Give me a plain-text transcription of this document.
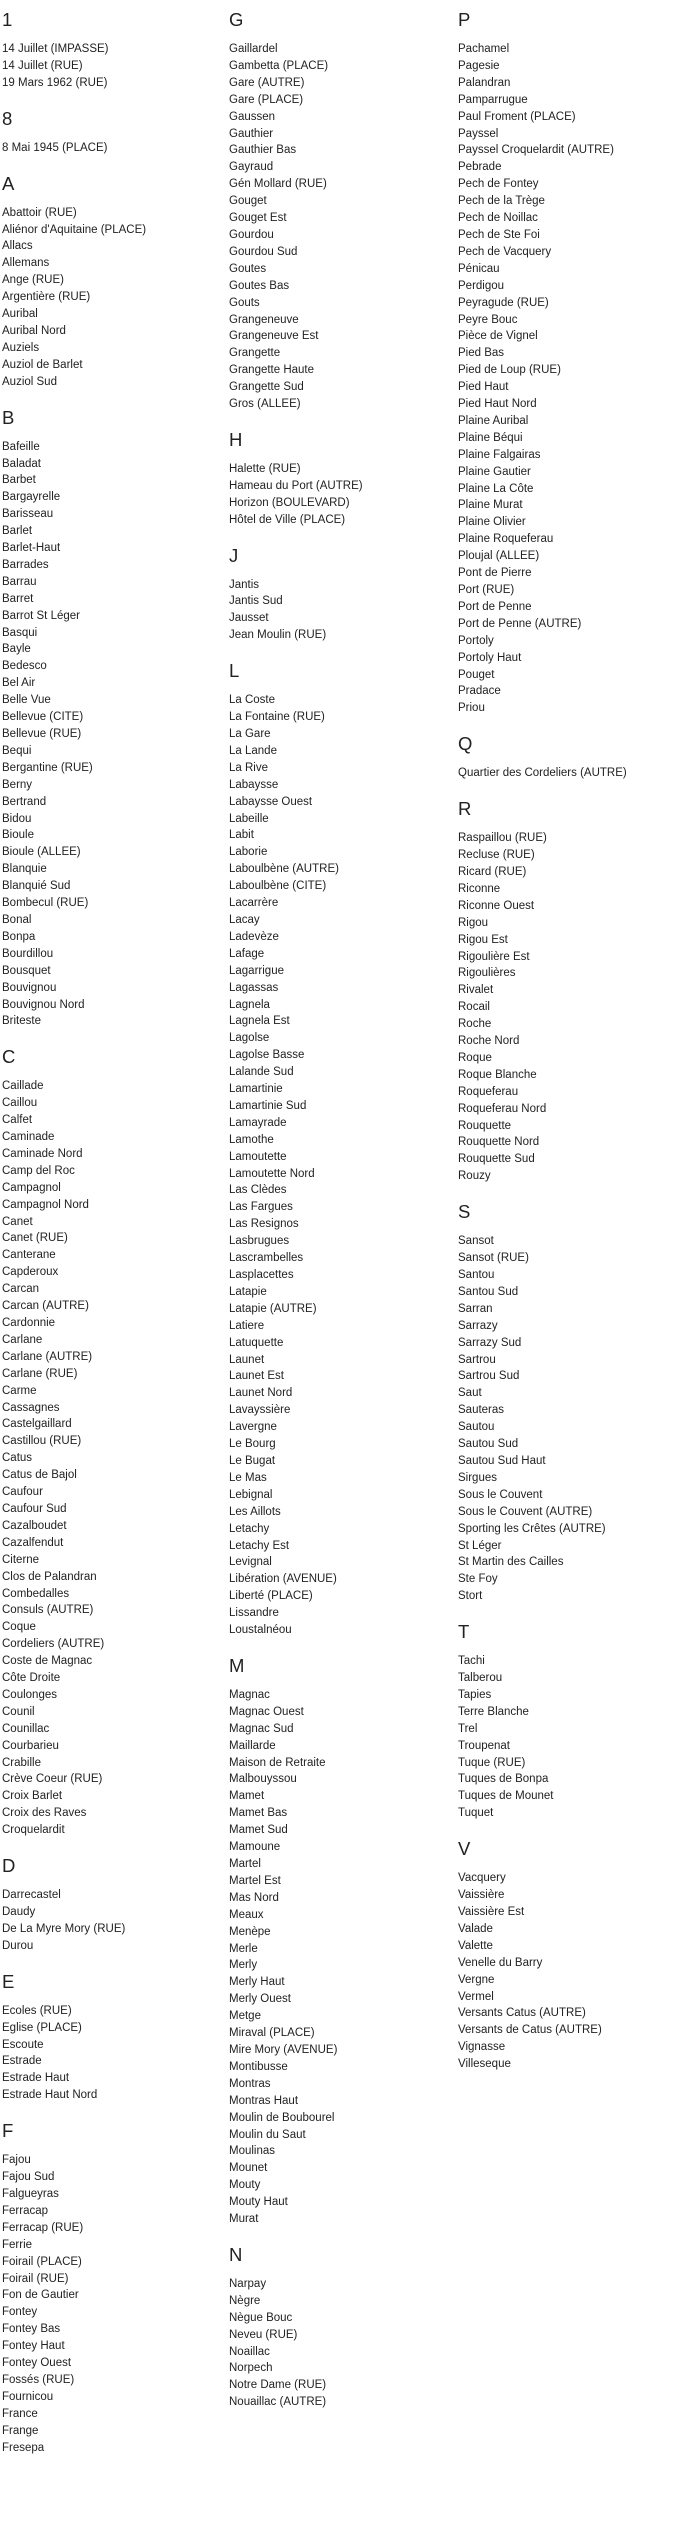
1
14 Juillet (IMPASSE)
14 Juillet (RUE)
19 Mars 1962 (RUE)
8
8 Mai 1945 (PLACE)
A
Abattoir (RUE)
Aliénor d'Aquitaine (PLACE)
Allacs
Allemans
Ange (RUE)
Argentière (RUE)
Auribal
Auribal Nord
Auziels
Auziol de Barlet
Auziol Sud
B
Bafeille
Baladat
Barbet
Bargayrelle
Barisseau
Barlet
Barlet-Haut
Barrades
Barrau
Barret
Barrot St Léger
Basqui
Bayle
Bedesco
Bel Air
Belle Vue
Bellevue (CITE)
Bellevue (RUE)
Bequi
Bergantine (RUE)
Berny
Bertrand
Bidou
Bioule
Bioule (ALLEE)
Blanquie
Blanquié Sud
Bombecul (RUE)
Bonal
Bonpa
Bourdillou
Bousquet
Bouvignou
Bouvignou Nord
Briteste
C
Caillade
Caillou
Calfet
Caminade
Caminade Nord
Camp del Roc
Campagnol
Campagnol Nord
Canet
Canet (RUE)
Canterane
Capderoux
Carcan
Carcan (AUTRE)
Cardonnie
Carlane
Carlane (AUTRE)
Carlane (RUE)
Carme
Cassagnes
Castelgaillard
Castillou (RUE)
Catus
Catus de Bajol
Caufour
Caufour Sud
Cazalboudet
Cazalfendut
Citerne
Clos de Palandran
Combedalles
Consuls (AUTRE)
Coque
Cordeliers (AUTRE)
Coste de Magnac
Côte Droite
Coulonges
Counil
Counillac
Courbarieu
Crabille
Crève Coeur (RUE)
Croix Barlet
Croix des Raves
Croquelardit
D
Darrecastel
Daudy
De La Myre Mory (RUE)
Durou
E
Ecoles (RUE)
Eglise (PLACE)
Escoute
Estrade
Estrade Haut
Estrade Haut Nord
F
Fajou
Fajou Sud
Falgueyras
Ferracap
Ferracap (RUE)
Ferrie
Foirail (PLACE)
Foirail (RUE)
Fon de Gautier
Fontey
Fontey Bas
Fontey Haut
Fontey Ouest
Fossés (RUE)
Fournicou
France
Frange
Fresepa
G
Gaillardel
Gambetta (PLACE)
Gare (AUTRE)
Gare (PLACE)
Gaussen
Gauthier
Gauthier Bas
Gayraud
Gén Mollard (RUE)
Gouget
Gouget Est
Gourdou
Gourdou Sud
Goutes
Goutes Bas
Gouts
Grangeneuve
Grangeneuve Est
Grangette
Grangette Haute
Grangette Sud
Gros (ALLEE)
H
Halette (RUE)
Hameau du Port (AUTRE)
Horizon (BOULEVARD)
Hôtel de Ville (PLACE)
J
Jantis
Jantis Sud
Jausset
Jean Moulin (RUE)
L
La Coste
La Fontaine (RUE)
La Gare
La Lande
La Rive
Labaysse
Labaysse Ouest
Labeille
Labit
Laborie
Laboulbène (AUTRE)
Laboulbène (CITE)
Lacarrère
Lacay
Ladevèze
Lafage
Lagarrigue
Lagassas
Lagnela
Lagnela Est
Lagolse
Lagolse Basse
Lalande Sud
Lamartinie
Lamartinie Sud
Lamayrade
Lamothe
Lamoutette
Lamoutette Nord
Las Clèdes
Las Fargues
Las Resignos
Lasbrugues
Lascrambelles
Lasplacettes
Latapie
Latapie (AUTRE)
Latiere
Latuquette
Launet
Launet Est
Launet Nord
Lavayssière
Lavergne
Le Bourg
Le Bugat
Le Mas
Lebignal
Les Aillots
Letachy
Letachy Est
Levignal
Libération (AVENUE)
Liberté (PLACE)
Lissandre
Loustalnéou
M
Magnac
Magnac Ouest
Magnac Sud
Maillarde
Maison de Retraite
Malbouyssou
Mamet
Mamet Bas
Mamet Sud
Mamoune
Martel
Martel Est
Mas Nord
Meaux
Menèpe
Merle
Merly
Merly Haut
Merly Ouest
Metge
Miraval (PLACE)
Mire Mory (AVENUE)
Montibusse
Montras
Montras Haut
Moulin de Boubourel
Moulin du Saut
Moulinas
Mounet
Mouty
Mouty Haut
Murat
N
Narpay
Nègre
Nègue Bouc
Neveu (RUE)
Noaillac
Norpech
Notre Dame (RUE)
Nouaillac (AUTRE)
P
Pachamel
Pagesie
Palandran
Pamparrugue
Paul Froment (PLACE)
Payssel
Payssel Croquelardit (AUTRE)
Pebrade
Pech de Fontey
Pech de la Trège
Pech de Noillac
Pech de Ste Foi
Pech de Vacquery
Pénicau
Perdigou
Peyragude (RUE)
Peyre Bouc
Pièce de Vignel
Pied Bas
Pied de Loup (RUE)
Pied Haut
Pied Haut Nord
Plaine Auribal
Plaine Béqui
Plaine Falgairas
Plaine Gautier
Plaine La Côte
Plaine Murat
Plaine Olivier
Plaine Roqueferau
Ploujal (ALLEE)
Pont de Pierre
Port (RUE)
Port de Penne
Port de Penne (AUTRE)
Portoly
Portoly Haut
Pouget
Pradace
Priou
Q
Quartier des Cordeliers (AUTRE)
R
Raspaillou (RUE)
Recluse (RUE)
Ricard (RUE)
Riconne
Riconne Ouest
Rigou
Rigou Est
Rigoulière Est
Rigoulières
Rivalet
Rocail
Roche
Roche Nord
Roque
Roque Blanche
Roqueferau
Roqueferau Nord
Rouquette
Rouquette Nord
Rouquette Sud
Rouzy
S
Sansot
Sansot (RUE)
Santou
Santou Sud
Sarran
Sarrazy
Sarrazy Sud
Sartrou
Sartrou Sud
Saut
Sauteras
Sautou
Sautou Sud
Sautou Sud Haut
Sirgues
Sous le Couvent
Sous le Couvent (AUTRE)
Sporting les Crêtes (AUTRE)
St Léger
St Martin des Cailles
Ste Foy
Stort
T
Tachi
Talberou
Tapies
Terre Blanche
Trel
Troupenat
Tuque (RUE)
Tuques de Bonpa
Tuques de Mounet
Tuquet
V
Vacquery
Vaissière
Vaissière Est
Valade
Valette
Venelle du Barry
Vergne
Vermel
Versants Catus (AUTRE)
Versants de Catus (AUTRE)
Vignasse
Villeseque
